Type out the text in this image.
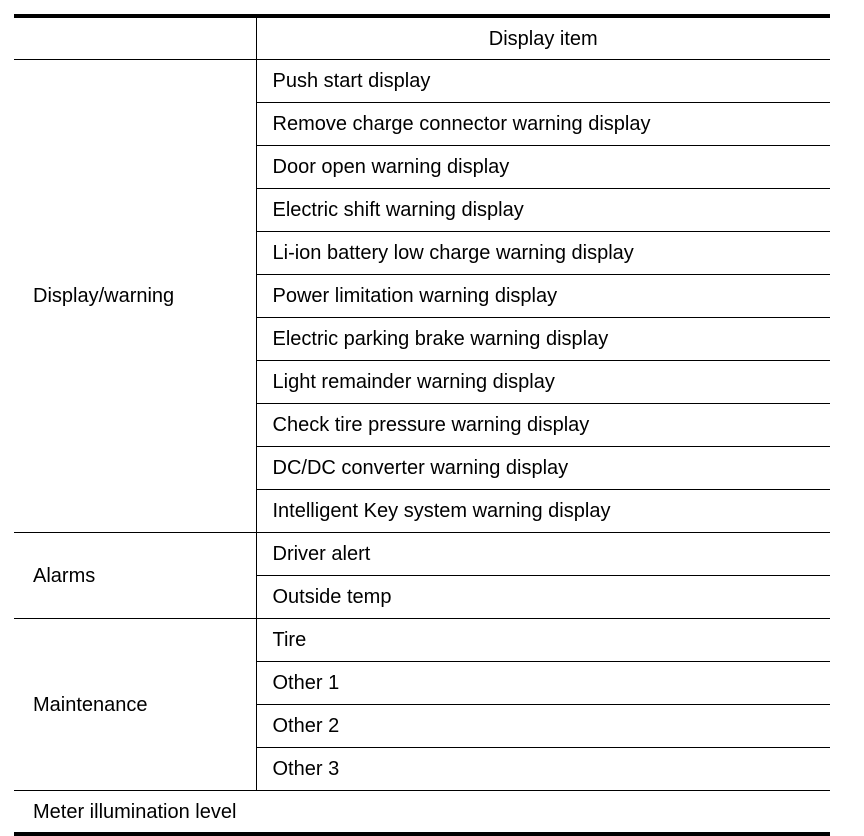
	Display item
Display/warning	Push start display
	Remove charge connector warning display
	Door open warning display
	Electric shift warning display
	Li-ion battery low charge warning display
	Power limitation warning display
	Electric parking brake warning display
	Light remainder warning display
	Check tire pressure warning display
	DC/DC converter warning display
	Intelligent Key system warning display
Alarms	Driver alert
	Outside temp
Maintenance	Tire
	Other 1
	Other 2
	Other 3
Meter illumination level	
